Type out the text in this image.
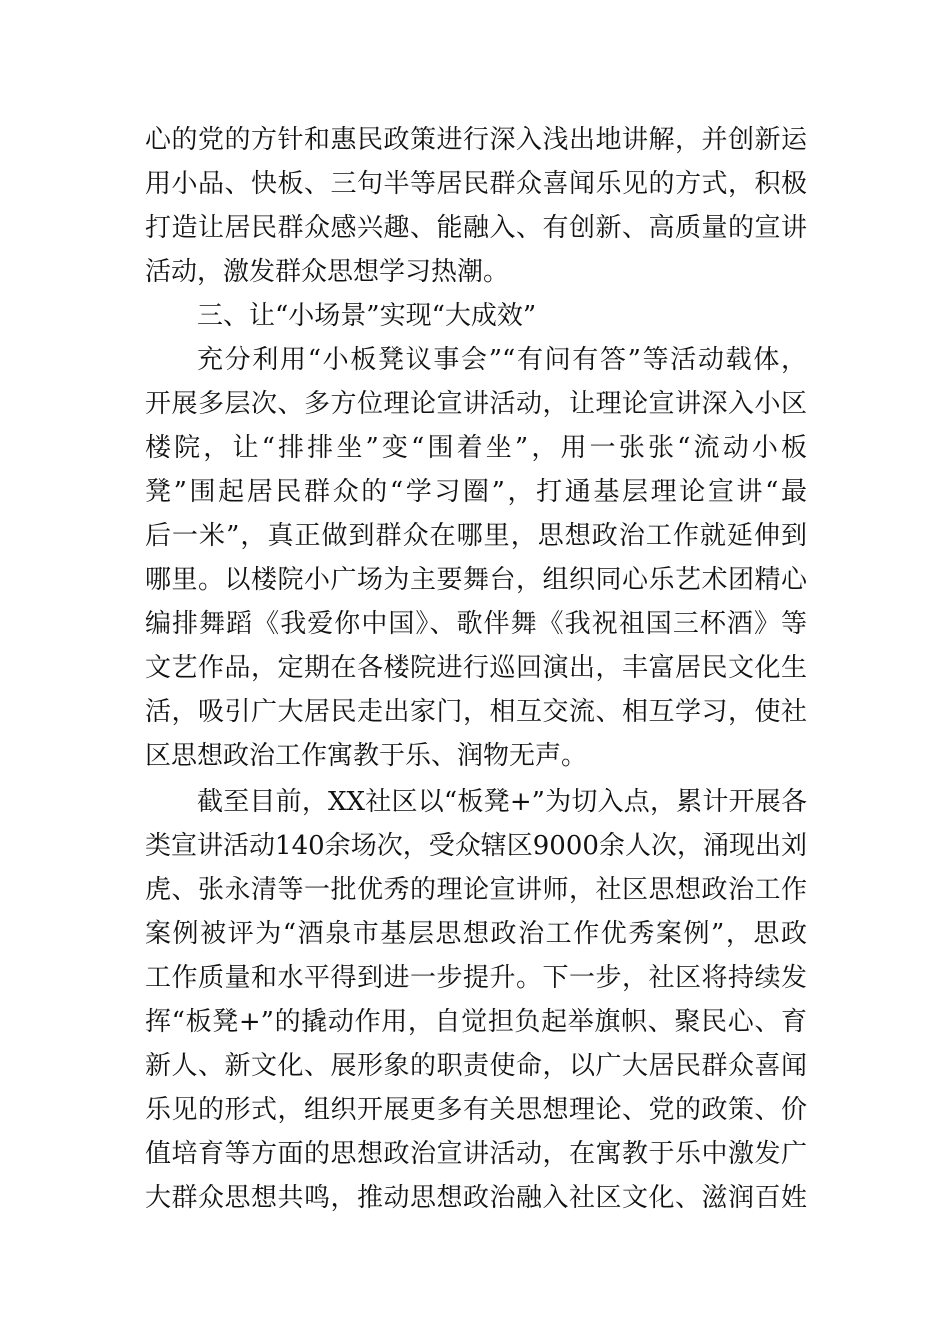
心的党的方针和惠民政策进行深入浅出地讲解，并创新运
用小品、快板、三句半等居民群众喜闻乐见的方式，积极
打造让居民群众感兴趣、能融入、有创新、高质量的宣讲
活动，激发群众思想学习热潮。
三、让“小场景”实现“大成效”
充分利用“小板凳议事会”“有问有答”等活动载体，
开展多层次、多方位理论宣讲活动，让理论宣讲深入小区
楼院，让“排排坐”变“围着坐”，用一张张“流动小板
凳”围起居民群众的“学习圈”，打通基层理论宣讲“最
后一米”，真正做到群众在哪里，思想政治工作就延伸到
哪里。以楼院小广场为主要舞台，组织同心乐艺术团精心
编排舞蹈《我爱你中国》、歌伴舞《我祝祖国三杯酒》等
文艺作品，定期在各楼院进行巡回演出，丰富居民文化生
活，吸引广大居民走出家门，相互交流、相互学习，使社
区思想政治工作寓教于乐、润物无声。
截至目前，XX社区以“板凳+”为切入点，累计开展各
类宣讲活动140余场次，受众辖区9000余人次，涌现出刘
虎、张永清等一批优秀的理论宣讲师，社区思想政治工作
案例被评为“酒泉市基层思想政治工作优秀案例”，思政
工作质量和水平得到进一步提升。下一步，社区将持续发
挥“板凳+”的撬动作用，自觉担负起举旗帜、聚民心、育
新人、新文化、展形象的职责使命，以广大居民群众喜闻
乐见的形式，组织开展更多有关思想理论、党的政策、价
值培育等方面的思想政治宣讲活动，在寓教于乐中激发广
大群众思想共鸣，推动思想政治融入社区文化、滋润百姓
